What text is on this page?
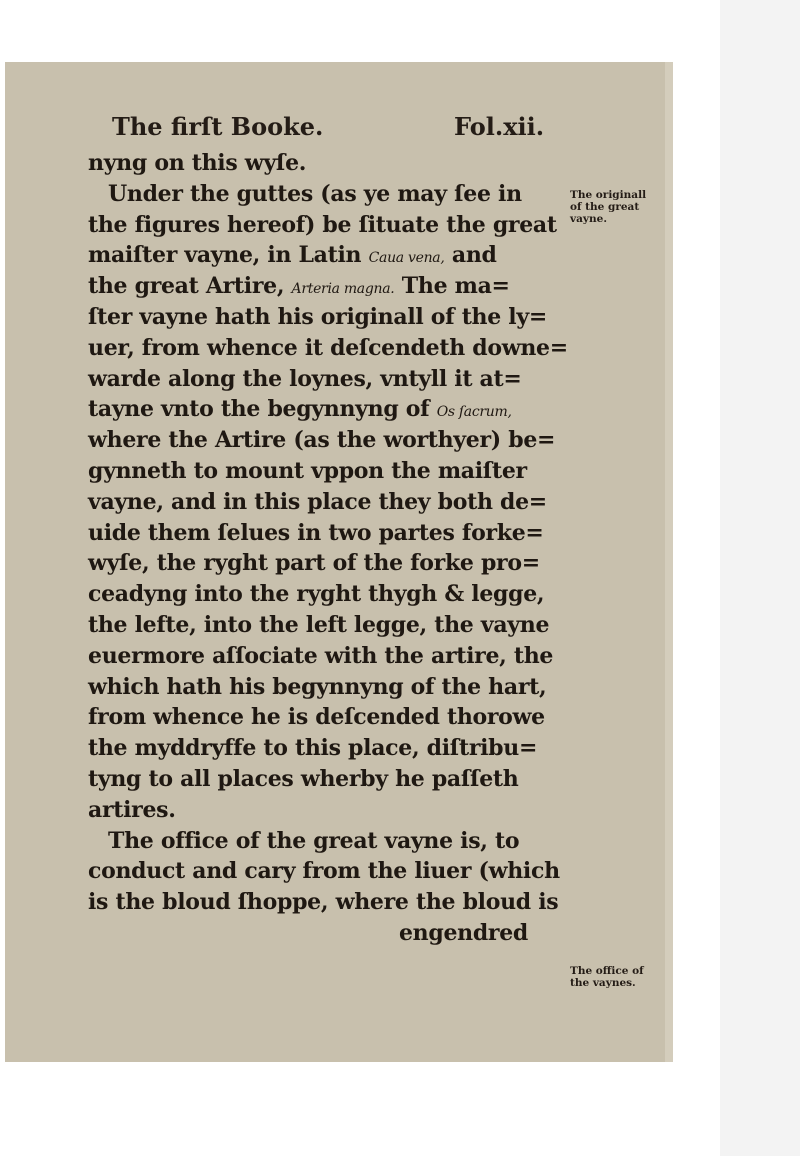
The firſt Booke.	Fol.xii.
nyng on this wyſe.
Under the guttes (as ye may ſee in
the figures hereof) be ſituate the great
maiſter vayne, in Latin Caua vena, and
the great Artire, Arteria magna. The ma=
ſter vayne hath his originall of the ly=
uer, from whence it deſcendeth downe=
warde along the loynes, vntyll it at=
tayne vnto the begynnyng of Os ſacrum,
where the Artire (as the worthyer) be=
gynneth to mount vppon the maiſter
vayne, and in this place they both de=
uide them ſelues in two partes forke=
wyſe, the ryght part of the forke pro=
ceadyng into the ryght thygh & legge,
the lefte, into the left legge, the vayne
euermore aſſociate with the artire, the
which hath his begynnyng of the hart,
from whence he is deſcended thorowe
the myddryffe to this place, diſtribu=
tyng to all places wherby he paſſeth
artires.
The office of the great vayne is, to
conduct and cary from the liuer (which
is the bloud ſhoppe, where the bloud is
engendred
The originall of the great vayne.
The office of the vaynes.
